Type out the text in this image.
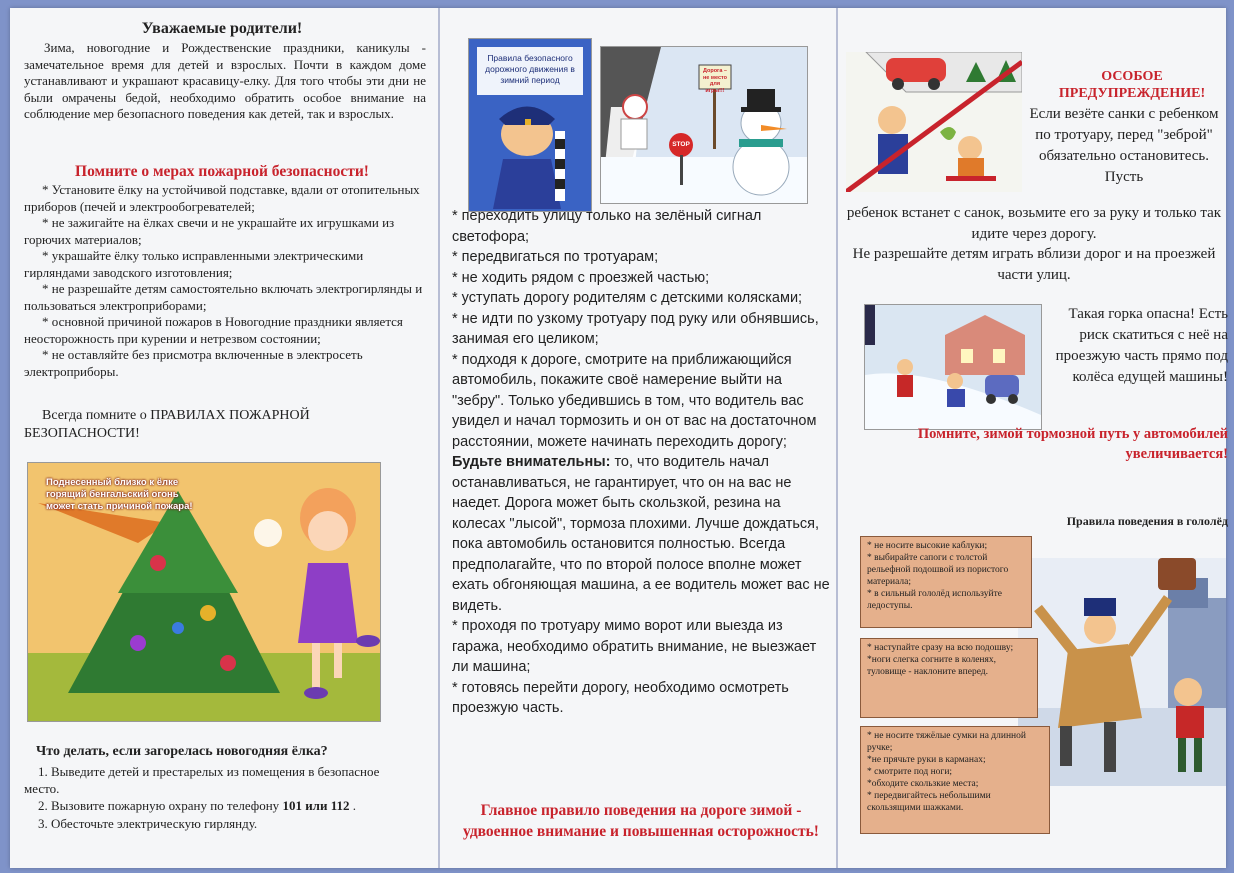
Уважаемые родители!

Зима, новогодние и Рождественские праздники, каникулы - замечательное время для детей и взрослых. Почти в каждом доме устанавливают и украшают красавицу-елку. Для того чтобы эти дни не были омрачены бедой, необходимо обратить особое внимание на соблюдение мер безопасного поведения как детей, так и взрослых.

Помните о мерах пожарной безопасности!
* Установите ёлку на устойчивой подставке, вдали от отопительных приборов (печей и электрообогревателей;
* не зажигайте на ёлках свечи и не украшайте их игрушками из горючих материалов;
* украшайте ёлку только исправленными электрическими гирляндами заводского изготовления;
* не разрешайте детям самостоятельно включать электрогирлянды и пользоваться электроприборами;
* основной причиной пожаров в Новогодние праздники является неосторожность при курении и нетрезвом состоянии;
* не оставляйте без присмотра включенные в электросеть электроприборы.

Всегда помните о ПРАВИЛАХ ПОЖАРНОЙ БЕЗОПАСНОСТИ!

Поднесенный близко к ёлке горящий бенгальский огонь может стать причиной пожара!
Что делать, если загорелась новогодняя ёлка?

1. Выведите детей и престарелых из помещения в безопасное место.

2. Вызовите пожарную охрану по телефону 101 или 112 .

3. Обесточьте электрическую гирлянду.

Правила безопасного дорожного движения в зимний период
Дорога – не место для игры!!!
STOP
* переходить улицу только на зелёный сигнал светофора;
* передвигаться по тротуарам;
* не ходить рядом с проезжей частью;
* уступать дорогу родителям с детскими колясками;
* не идти по узкому тротуару под руку или обнявшись, занимая его целиком;
* подходя к дороге, смотрите на приближающийся автомобиль, покажите своё намерение выйти на "зебру". Только убедившись в том, что водитель вас увидел и начал тормозить и он от вас на достаточном расстоянии, можете начинать переходить дорогу;
Будьте внимательны: то, что водитель начал останавливаться, не гарантирует, что он на вас не наедет. Дорога может быть скользкой, резина на колесах "лысой", тормоза плохими. Лучше дождаться, пока автомобиль остановится полностью. Всегда предполагайте, что по второй полосе вполне может ехать обгоняющая машина, а ее водитель может вас не видеть.
* проходя по тротуару мимо ворот или выезда из гаража, необходимо обратить внимание, не выезжает ли машина;
* готовясь перейти дорогу, необходимо осмотреть проезжую часть.

Главное правило поведения на дороге зимой - удвоенное внимание и повышенная осторожность!

ОСОБОЕ ПРЕДУПРЕЖДЕНИЕ!

Если везёте санки с ребенком по тротуару, перед "зеброй" обязательно остановитесь. Пусть

ребенок встанет с санок, возьмите его за руку и только так идите через дорогу.

Не разрешайте детям играть вблизи дорог и на проезжей части улиц.

Такая горка опасна! Есть риск скатиться с неё на проезжую часть прямо под колёса едущей машины!

Помните, зимой тормозной путь у автомобилей увеличивается!

Правила поведения в гололёд
* не носите высокие каблуки;
* выбирайте сапоги с толстой рельефной подошвой из пористого материала;
* в сильный гололёд используйте ледоступы.
* наступайте сразу на всю подошву;
*ноги слегка согните в коленях, туловище - наклоните вперед.
* не носите тяжёлые сумки на длинной ручке;
*не прячьте руки в карманах;
* смотрите под ноги;
*обходите скользкие места;
* передвигайтесь небольшими скользящими шажками.
